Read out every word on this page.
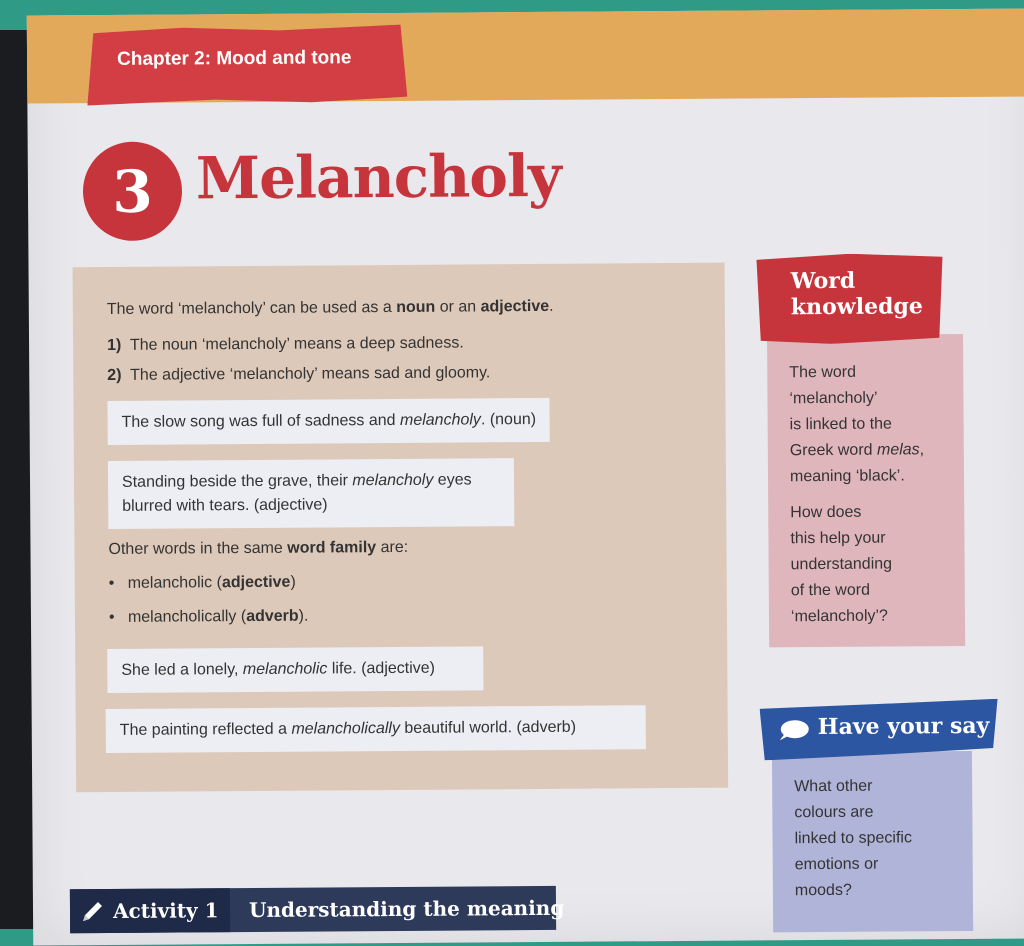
Chapter 2: Mood and tone
3 Melancholy
The word ‘melancholy’ can be used as a noun or an adjective.
1) The noun ‘melancholy’ means a deep sadness.
2) The adjective ‘melancholy’ means sad and gloomy.
The slow song was full of sadness and melancholy. (noun)
Standing beside the grave, their melancholy eyes
blurred with tears. (adjective)
Other words in the same word family are:
•   melancholic (adjective)
•   melancholically (adverb).
She led a lonely, melancholic life. (adjective)
The painting reflected a melancholically beautiful world. (adverb)
Word
knowledge
The word
‘melancholy’
is linked to the
Greek word melas,
meaning ‘black’.
How does
this help your
understanding
of the word
‘melancholy’?
Have your say
What other
colours are
linked to specific
emotions or
moods?
Activity 1 Understanding the meaning
